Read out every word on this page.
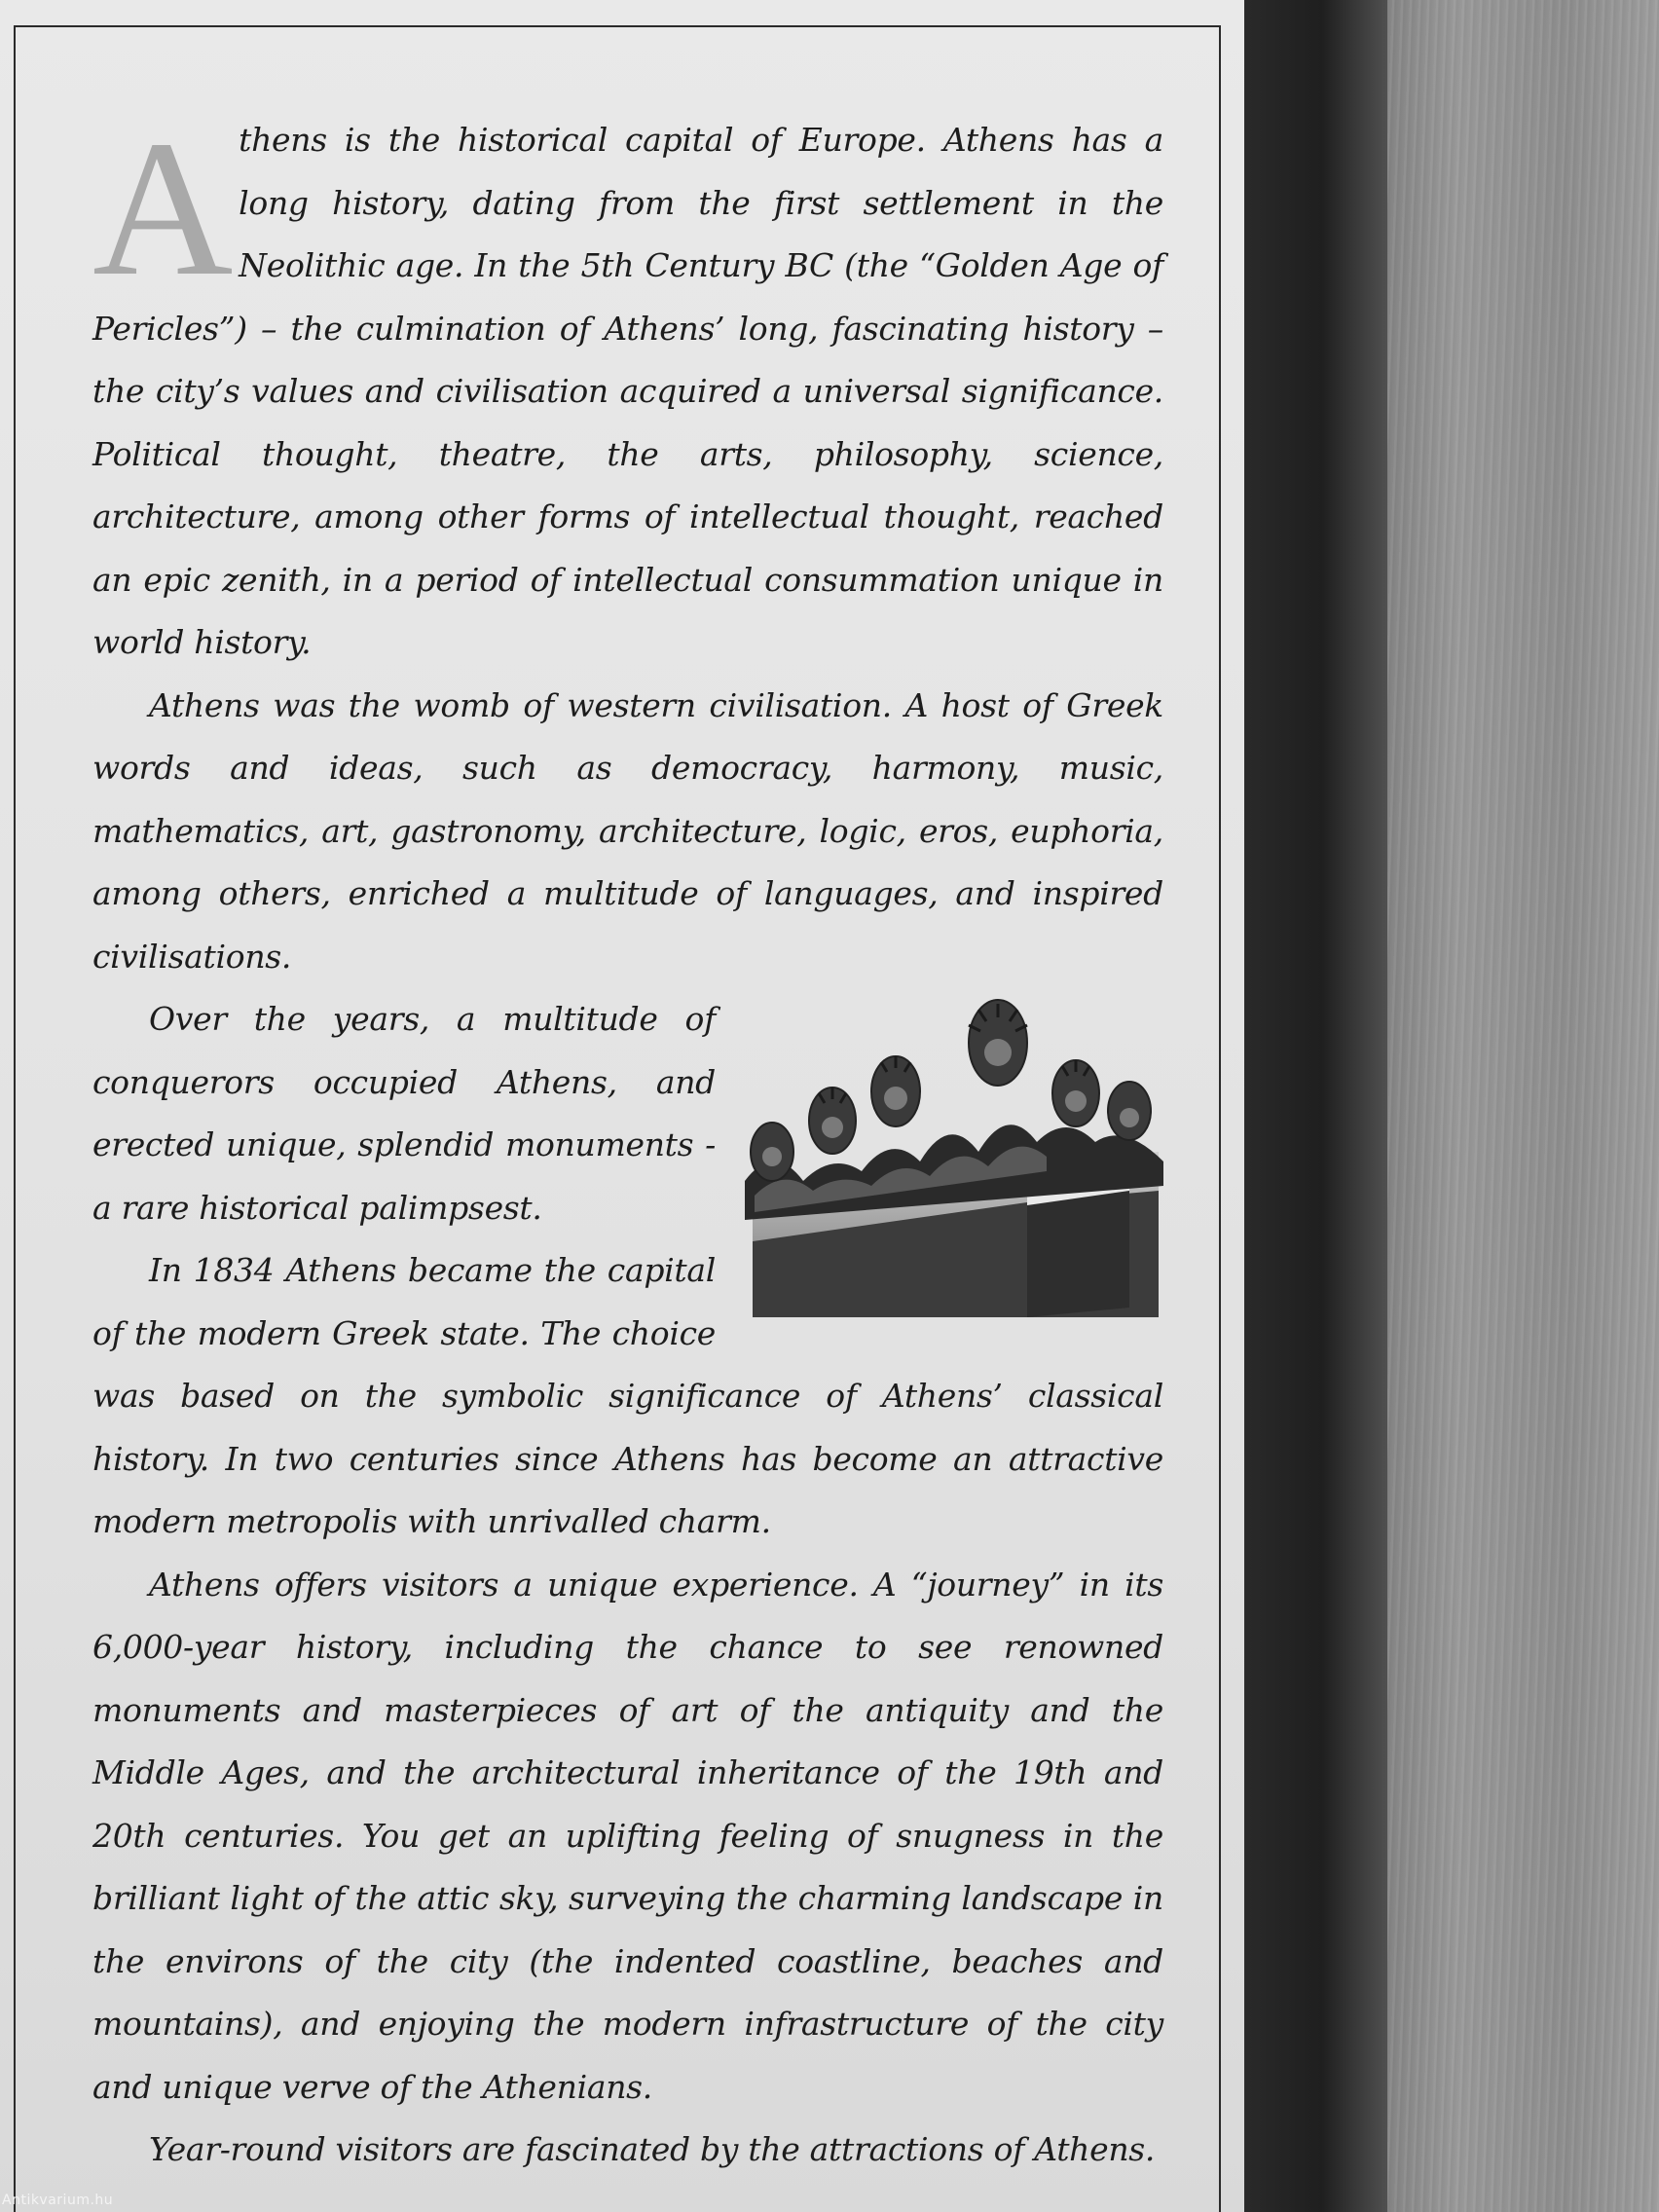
Athens is the historical capital of Europe. Athens has a long history, dating from the first settlement in the Neolithic age. In the 5th Century BC (the “Golden Age of Pericles”) – the culmination of Athens’ long, fascinating history – the city’s values and civilisation acquired a universal significance. Political thought, theatre, the arts, philosophy, science, architecture, among other forms of intellectual thought, reached an epic zenith, in a period of intellectual consummation unique in world history.

Athens was the womb of western civilisation. A host of Greek words and ideas, such as democracy, harmony, music, mathematics, art, gastronomy, architecture, logic, eros, euphoria, among others, enriched a multitude of languages, and inspired civilisations.

Over the years, a multitude of conquerors occupied Athens, and erected unique, splendid monuments - a rare historical palimpsest.

In 1834 Athens became the capital of the modern Greek state. The choice was based on the symbolic significance of Athens’ classical history. In two centuries since Athens has become an attractive modern metropolis with unrivalled charm.

Athens offers visitors a unique experience. A “journey” in its 6,000-year history, including the chance to see renowned monuments and masterpieces of art of the antiquity and the Middle Ages, and the architectural inheritance of the 19th and 20th centuries. You get an uplifting feeling of snugness in the brilliant light of the attic sky, surveying the charming landscape in the environs of the city (the indented coastline, beaches and mountains), and enjoying the modern infrastructure of the city and unique verve of the Athenians.

Year-round visitors are fascinated by the attractions of Athens.

Antikvarium.hu
